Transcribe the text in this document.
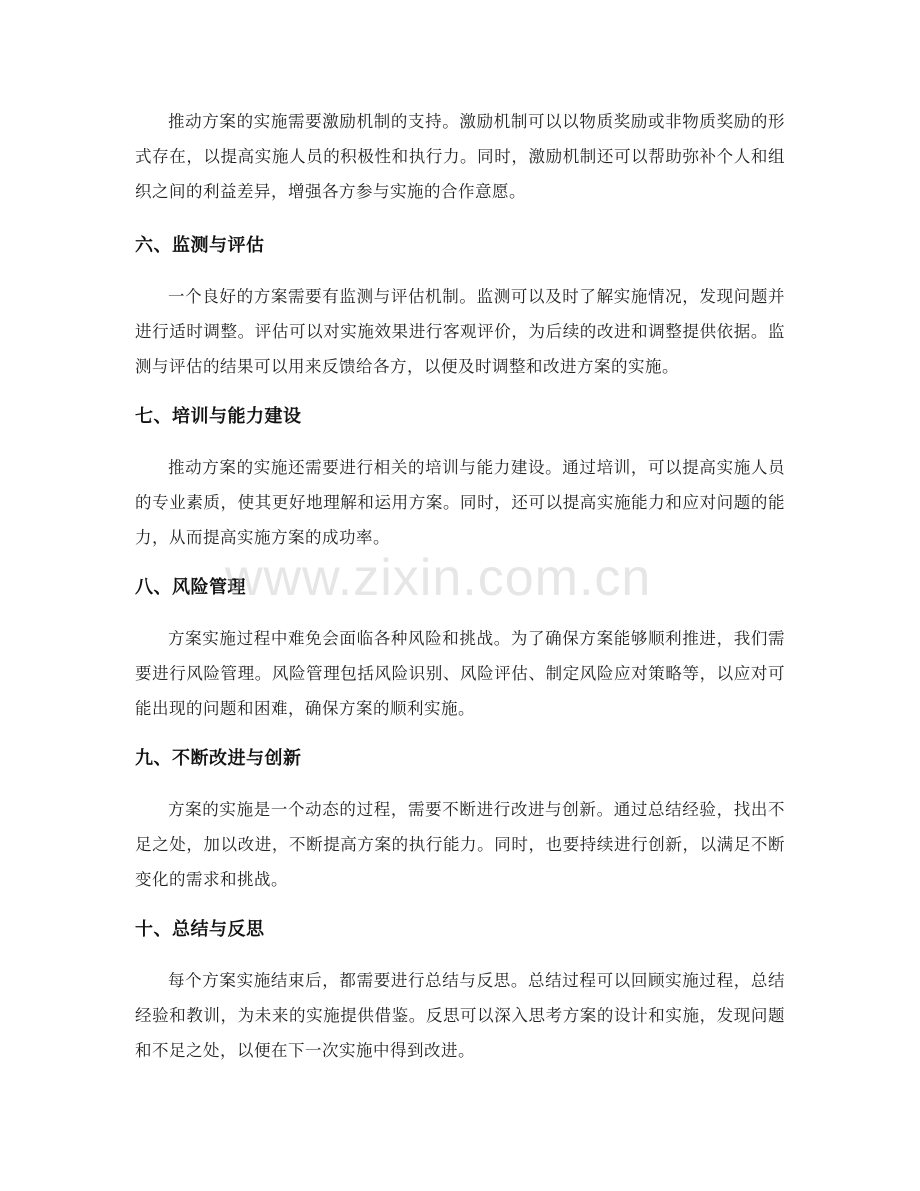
推动方案的实施需要激励机制的支持。激励机制可以以物质奖励或非物质奖励的形式存在，以提高实施人员的积极性和执行力。同时，激励机制还可以帮助弥补个人和组织之间的利益差异，增强各方参与实施的合作意愿。

六、监测与评估

一个良好的方案需要有监测与评估机制。监测可以及时了解实施情况，发现问题并进行适时调整。评估可以对实施效果进行客观评价，为后续的改进和调整提供依据。监测与评估的结果可以用来反馈给各方，以便及时调整和改进方案的实施。

七、培训与能力建设

推动方案的实施还需要进行相关的培训与能力建设。通过培训，可以提高实施人员的专业素质，使其更好地理解和运用方案。同时，还可以提高实施能力和应对问题的能力，从而提高实施方案的成功率。

八、风险管理

方案实施过程中难免会面临各种风险和挑战。为了确保方案能够顺利推进，我们需要进行风险管理。风险管理包括风险识别、风险评估、制定风险应对策略等，以应对可能出现的问题和困难，确保方案的顺利实施。

九、不断改进与创新

方案的实施是一个动态的过程，需要不断进行改进与创新。通过总结经验，找出不足之处，加以改进，不断提高方案的执行能力。同时，也要持续进行创新，以满足不断变化的需求和挑战。

十、总结与反思

每个方案实施结束后，都需要进行总结与反思。总结过程可以回顾实施过程，总结经验和教训，为未来的实施提供借鉴。反思可以深入思考方案的设计和实施，发现问题和不足之处，以便在下一次实施中得到改进。

www.zixin.com.cn
